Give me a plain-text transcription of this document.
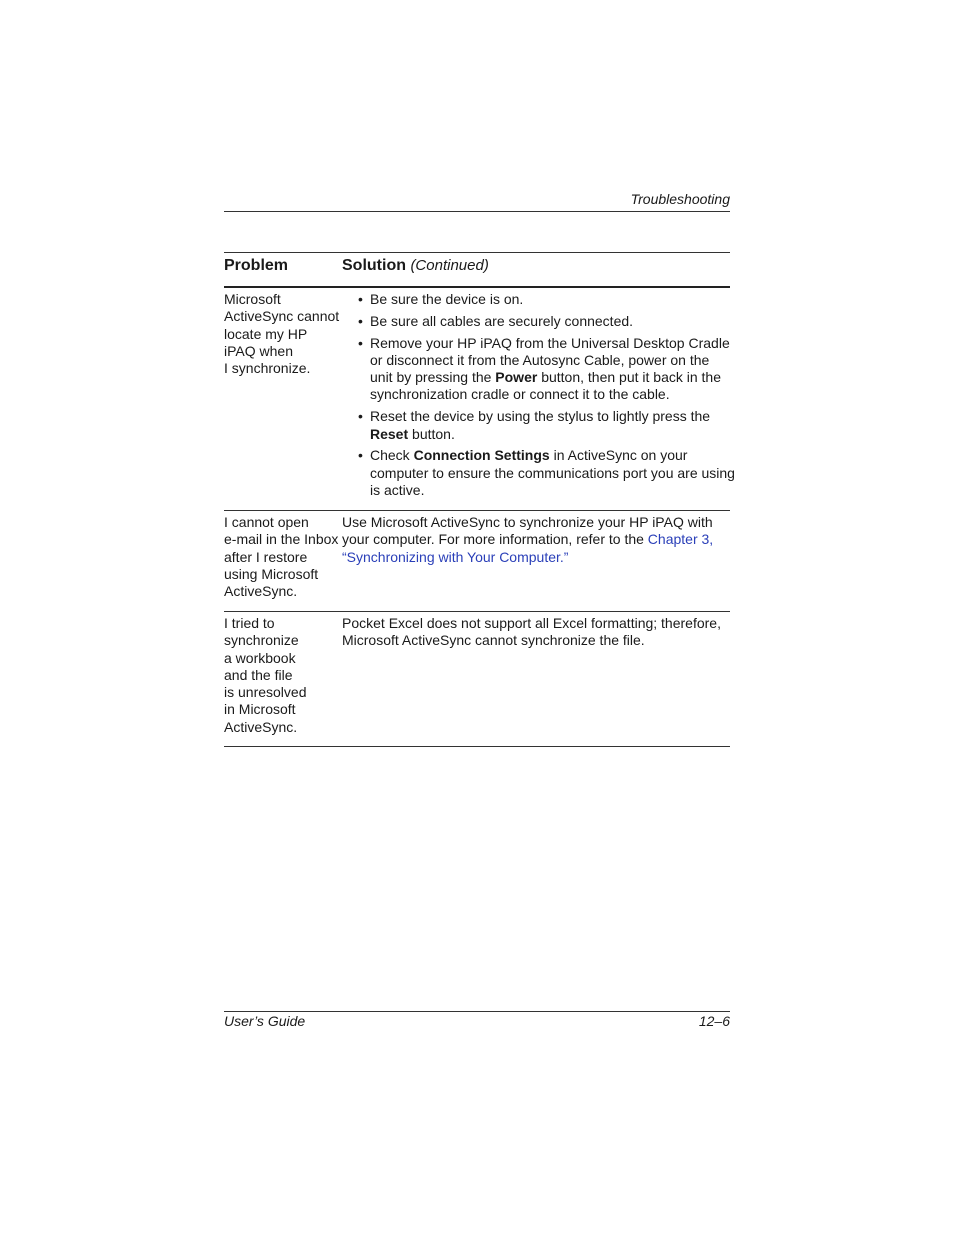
Troubleshooting
Problem	Solution (Continued)
Microsoft
ActiveSync cannot
locate my HP
iPAQ when
I synchronize.
• Be sure the device is on.
• Be sure all cables are securely connected.
• Remove your HP iPAQ from the Universal Desktop Cradle
or disconnect it from the Autosync Cable, power on the
unit by pressing the Power button, then put it back in the
synchronization cradle or connect it to the cable.
• Reset the device by using the stylus to lightly press the
Reset button.
• Check Connection Settings in ActiveSync on your
computer to ensure the communications port you are using
is active.
I cannot open
e-mail in the Inbox
after I restore
using Microsoft
ActiveSync.
Use Microsoft ActiveSync to synchronize your HP iPAQ with
your computer. For more information, refer to the Chapter 3,
“Synchronizing with Your Computer.”
I tried to
synchronize
a workbook
and the file
is unresolved
in Microsoft
ActiveSync.
Pocket Excel does not support all Excel formatting; therefore,
Microsoft ActiveSync cannot synchronize the file.
User’s Guide	12–6
